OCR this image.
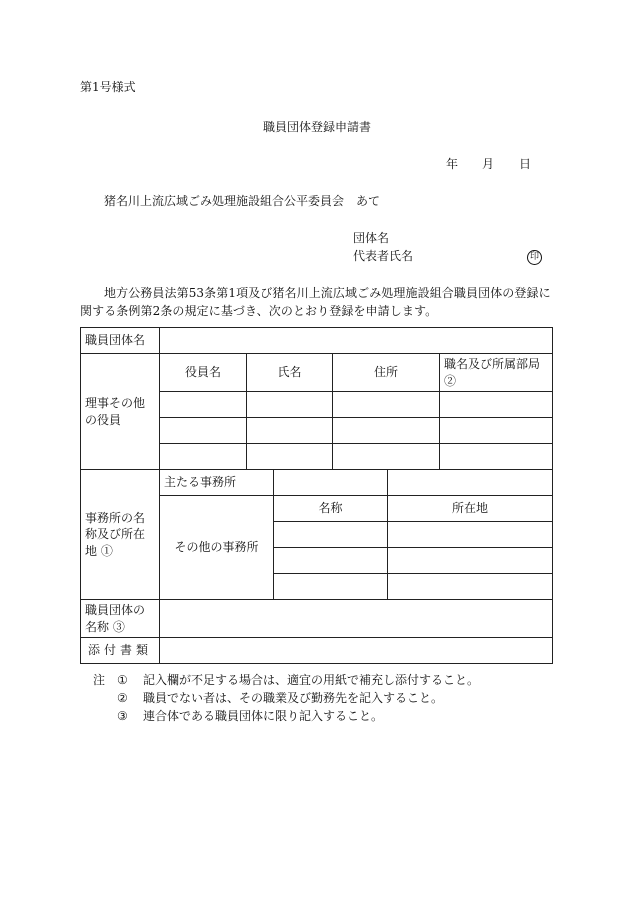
第1号様式
職員団体登録申請書
年 月 日
猪名川上流広域ごみ処理施設組合公平委員会　あて
団体名
代表者氏名	印
地方公務員法第53条第1項及び猪名川上流広域ごみ処理施設組合職員団体の登録に関する条例第2条の規定に基づき、次のとおり登録を申請します。
職員団体名						
理事その他の役員	役員名	氏名		住所		職名及び所属部局 ②

事務所の名称及び所在地 ①	主たる事務所					
	その他の事務所		名称		所在地	

職員団体の名称 ③						
添付書類						
注 ①	記入欄が不足する場合は、適宜の用紙で補充し添付すること。
②	職員でない者は、その職業及び勤務先を記入すること。
③	連合体である職員団体に限り記入すること。
